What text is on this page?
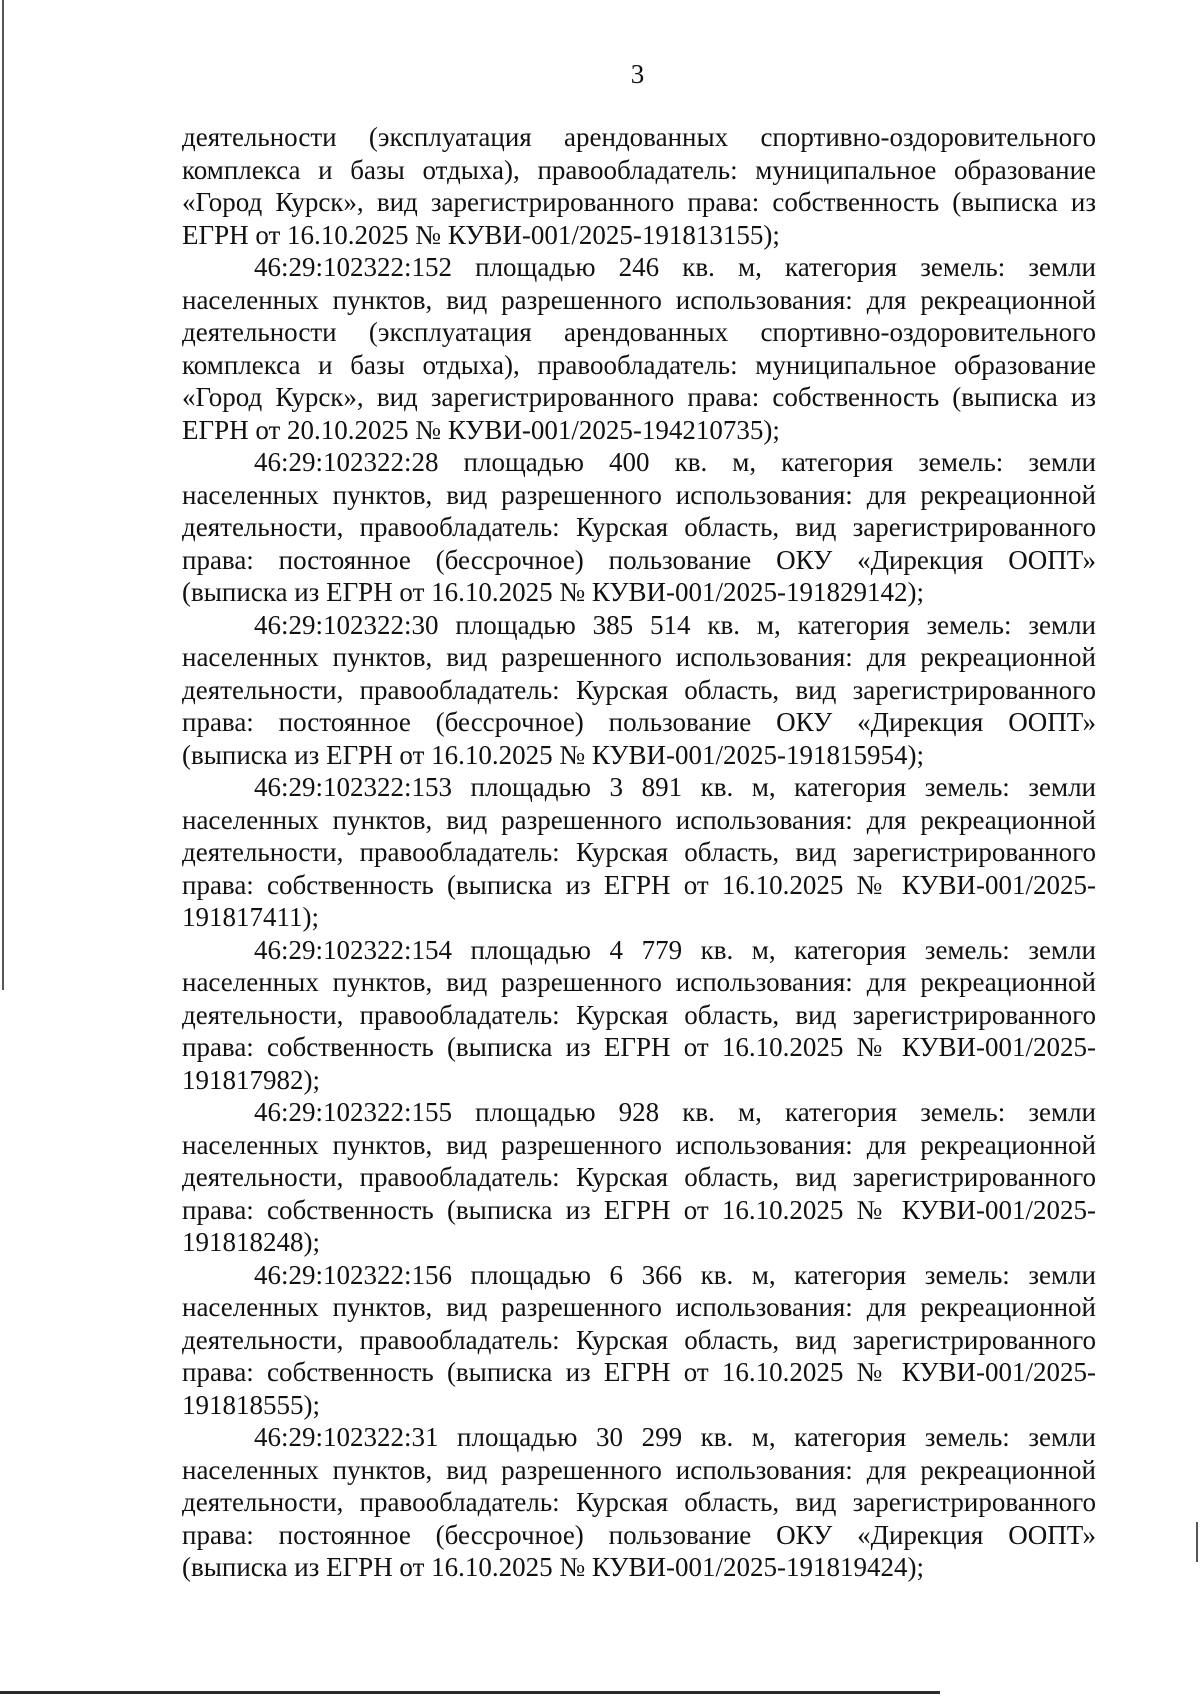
3

деятельности (эксплуатация арендованных спортивно-оздоровительного комплекса и базы отдыха), правообладатель: муниципальное образование «Город Курск», вид зарегистрированного права: собственность (выписка из ЕГРН от 16.10.2025 № КУВИ-001/2025-191813155);

46:29:102322:152 площадью 246 кв. м, категория земель: земли населенных пунктов, вид разрешенного использования: для рекреационной деятельности (эксплуатация арендованных спортивно-оздоровительного комплекса и базы отдыха), правообладатель: муниципальное образование «Город Курск», вид зарегистрированного права: собственность (выписка из ЕГРН от 20.10.2025 № КУВИ-001/2025-194210735);

46:29:102322:28 площадью 400 кв. м, категория земель: земли населенных пунктов, вид разрешенного использования: для рекреационной деятельности, правообладатель: Курская область, вид зарегистрированного права: постоянное (бессрочное) пользование ОКУ «Дирекция ООПТ» (выписка из ЕГРН от 16.10.2025 № КУВИ-001/2025-191829142);

46:29:102322:30 площадью 385 514 кв. м, категория земель: земли населенных пунктов, вид разрешенного использования: для рекреационной деятельности, правообладатель: Курская область, вид зарегистрированного права: постоянное (бессрочное) пользование ОКУ «Дирекция ООПТ» (выписка из ЕГРН от 16.10.2025 № КУВИ-001/2025-191815954);

46:29:102322:153 площадью 3 891 кв. м, категория земель: земли населенных пунктов, вид разрешенного использования: для рекреационной деятельности, правообладатель: Курская область, вид зарегистрированного права: собственность (выписка из ЕГРН от 16.10.2025 № КУВИ-001/2025-191817411);

46:29:102322:154 площадью 4 779 кв. м, категория земель: земли населенных пунктов, вид разрешенного использования: для рекреационной деятельности, правообладатель: Курская область, вид зарегистрированного права: собственность (выписка из ЕГРН от 16.10.2025 № КУВИ-001/2025-191817982);

46:29:102322:155 площадью 928 кв. м, категория земель: земли населенных пунктов, вид разрешенного использования: для рекреационной деятельности, правообладатель: Курская область, вид зарегистрированного права: собственность (выписка из ЕГРН от 16.10.2025 № КУВИ-001/2025-191818248);

46:29:102322:156 площадью 6 366 кв. м, категория земель: земли населенных пунктов, вид разрешенного использования: для рекреационной деятельности, правообладатель: Курская область, вид зарегистрированного права: собственность (выписка из ЕГРН от 16.10.2025 № КУВИ-001/2025-191818555);

46:29:102322:31 площадью 30 299 кв. м, категория земель: земли населенных пунктов, вид разрешенного использования: для рекреационной деятельности, правообладатель: Курская область, вид зарегистрированного права: постоянное (бессрочное) пользование ОКУ «Дирекция ООПТ» (выписка из ЕГРН от 16.10.2025 № КУВИ-001/2025-191819424);
